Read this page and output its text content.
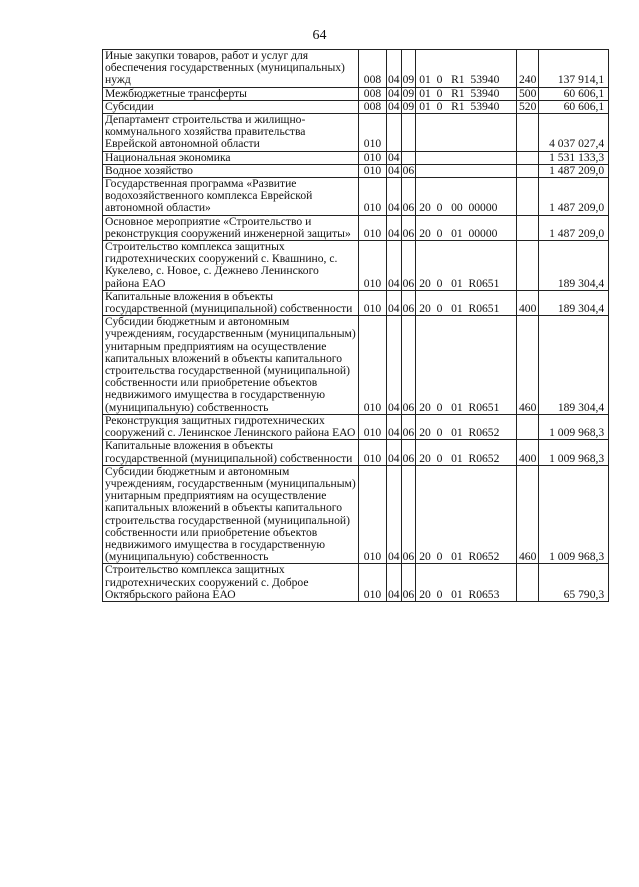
64
Иные закупки товаров, работ и услуг для обеспечения государственных (муниципальных) нужд	008	04	09	01  0   R1  53940	240	137 914,1
Межбюджетные трансферты	008	04	09	01  0   R1  53940	500	60 606,1
Субсидии	008	04	09	01  0   R1  53940	520	60 606,1
Департамент строительства и жилищно-коммунального хозяйства правительства Еврейской автономной области	010					4 037 027,4
Национальная экономика	010	04				1 531 133,3
Водное хозяйство	010	04	06			1 487 209,0
Государственная программа «Развитие водохозяйственного комплекса Еврейской автономной области»	010	04	06	20  0   00  00000		1 487 209,0
Основное мероприятие «Строительство и реконструкция сооружений инженерной защиты»	010	04	06	20  0   01  00000		1 487 209,0
Строительство комплекса защитных гидротехнических сооружений с. Квашнино, с. Кукелево, с. Новое, с. Дежнево Ленинского района ЕАО	010	04	06	20  0   01  R0651		189 304,4
Капитальные вложения в объекты государственной (муниципальной) собственности	010	04	06	20  0   01  R0651	400	189 304,4
Субсидии бюджетным и автономным учреждениям, государственным (муниципальным) унитарным предприятиям на осуществление капитальных вложений в объекты капитального строительства государственной (муниципальной) собственности или приобретение объектов недвижимого имущества в государственную (муниципальную) собственность	010	04	06	20  0   01  R0651	460	189 304,4
Реконструкция защитных гидротехнических сооружений с. Ленинское Ленинского района ЕАО	010	04	06	20  0   01  R0652		1 009 968,3
Капитальные вложения в объекты государственной (муниципальной) собственности	010	04	06	20  0   01  R0652	400	1 009 968,3
Субсидии бюджетным и автономным учреждениям, государственным (муниципальным) унитарным предприятиям на осуществление капитальных вложений в объекты капитального строительства государственной (муниципальной) собственности или приобретение объектов недвижимого имущества в государственную (муниципальную) собственность	010	04	06	20  0   01  R0652	460	1 009 968,3
Строительство комплекса защитных гидротехнических сооружений с. Доброе Октябрьского района ЕАО	010	04	06	20  0   01  R0653		65 790,3
